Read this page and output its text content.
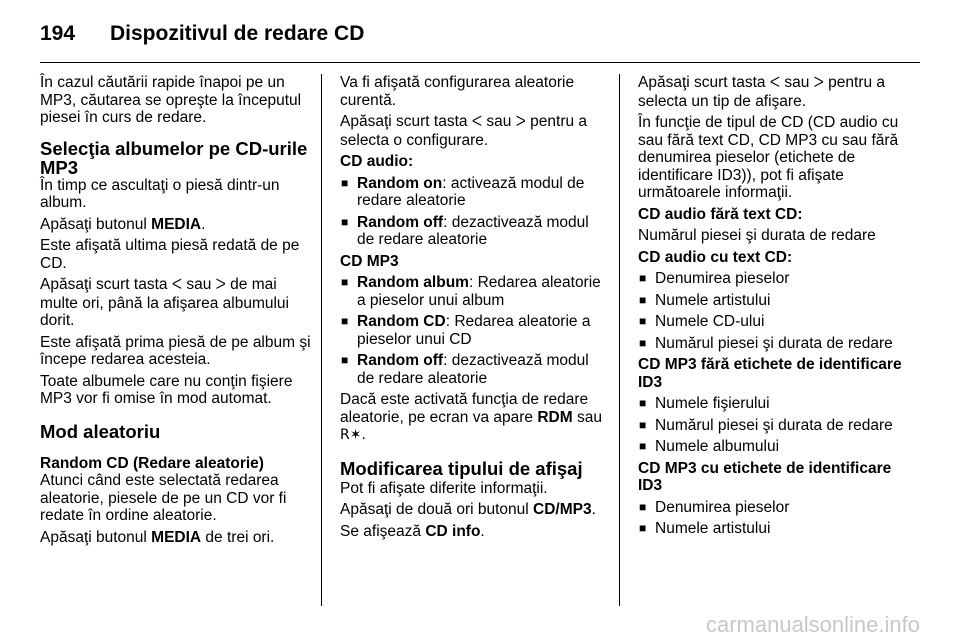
194	Dispozitivul de redare CD

În cazul căutării rapide înapoi pe un MP3, căutarea se opreşte la începutul piesei în curs de redare.

Selecţia albumelor pe CD-urile MP3

În timp ce ascultaţi o piesă dintr-un album.

Apăsaţi butonul MEDIA.

Este afişată ultima piesă redată de pe CD.

Apăsaţi scurt tasta ᐸ sau ᐳ de mai multe ori, până la afişarea albumului dorit.

Este afişată prima piesă de pe album şi începe redarea acesteia.

Toate albumele care nu conţin fişiere MP3 vor fi omise în mod automat.

Mod aleatoriu
Random CD (Redare aleatorie)

Atunci când este selectată redarea aleatorie, piesele de pe un CD vor fi redate în ordine aleatorie.

Apăsaţi butonul MEDIA de trei ori.

Va fi afişată configurarea aleatorie curentă.

Apăsaţi scurt tasta ᐸ sau ᐳ pentru a selecta o configurare.

CD audio:

■ Random on: activează modul de redare aleatorie
■ Random off: dezactivează modul de redare aleatorie

CD MP3

■ Random album: Redarea aleatorie a pieselor unui album
■ Random CD: Redarea aleatorie a pieselor unui CD
■ Random off: dezactivează modul de redare aleatorie

Dacă este activată funcţia de redare aleatorie, pe ecran va apare RDM sau R✶.

Modificarea tipului de afişaj

Pot fi afişate diferite informaţii.

Apăsaţi de două ori butonul CD/MP3.

Se afişează CD info.

Apăsaţi scurt tasta ᐸ sau ᐳ pentru a selecta un tip de afişare.

În funcţie de tipul de CD (CD audio cu sau fără text CD, CD MP3 cu sau fără denumirea pieselor (etichete de identificare ID3)), pot fi afişate următoarele informaţii.

CD audio fără text CD:

Numărul piesei şi durata de redare

CD audio cu text CD:

■ Denumirea pieselor
■ Numele artistului
■ Numele CD-ului
■ Numărul piesei şi durata de redare

CD MP3 fără etichete de identificare ID3

■ Numele fişierului
■ Numărul piesei şi durata de redare
■ Numele albumului

CD MP3 cu etichete de identificare ID3

■ Denumirea pieselor
■ Numele artistului
carmanualsonline.info
